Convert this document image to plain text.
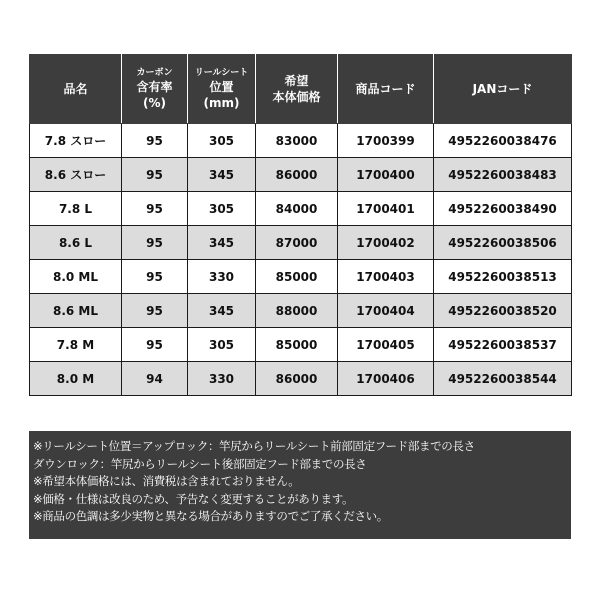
品名	カーボン
含有率
(%)	リールシート
位置
(mm)	希望
本体価格	商品コード	JANコード

7.8 スロー	95	305	83000	1700399	4952260038476
8.6 スロー	95	345	86000	1700400	4952260038483
7.8 L	95	305	84000	1700401	4952260038490
8.6 L	95	345	87000	1700402	4952260038506
8.0 ML	95	330	85000	1700403	4952260038513
8.6 ML	95	345	88000	1700404	4952260038520
7.8 M	95	305	85000	1700405	4952260038537
8.0 M	94	330	86000	1700406	4952260038544
※リールシート位置＝アップロック：竿尻からリールシート前部固定フード部までの長さ
ダウンロック：竿尻からリールシート後部固定フード部までの長さ
※希望本体価格には、消費税は含まれておりません。
※価格・仕様は改良のため、予告なく変更することがあります。
※商品の色調は多少実物と異なる場合がありますのでご了承ください。
